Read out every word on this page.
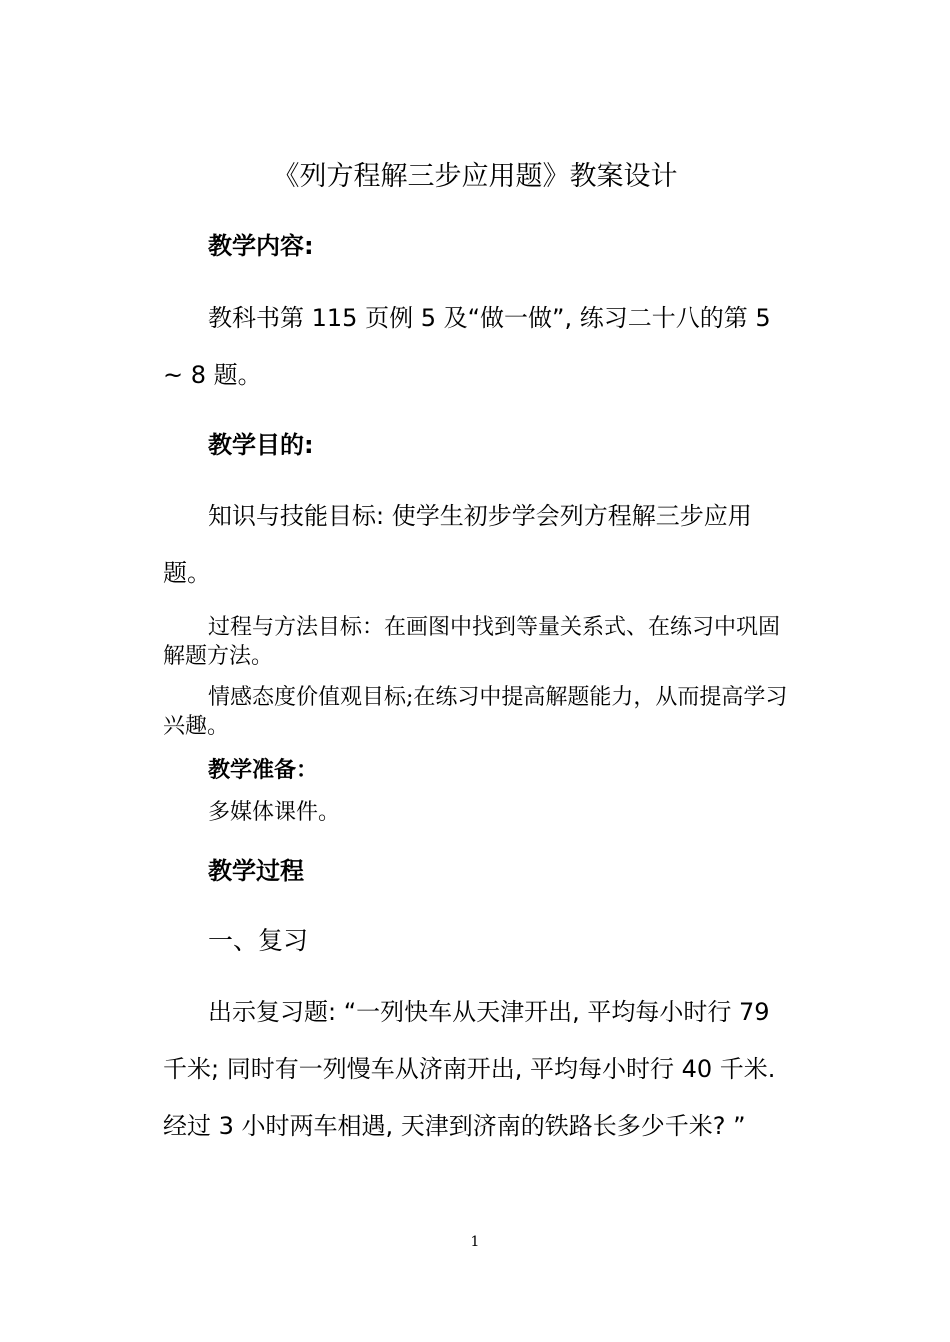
《列方程解三步应用题》教案设计

教学内容:

教科书第 115 页例 5 及“做一做”, 练习二十八的第 5 ~ 8 题。

教学目的:

知识与技能目标: 使学生初步学会列方程解三步应用题。

过程与方法目标：在画图中找到等量关系式、在练习中巩固解题方法。

情感态度价值观目标;在练习中提高解题能力，从而提高学习兴趣。

教学准备：

多媒体课件。

教学过程

一、复习

出示复习题: “一列快车从天津开出, 平均每小时行 79 千米; 同时有一列慢车从济南开出, 平均每小时行 40 千米. 经过 3 小时两车相遇, 天津到济南的铁路长多少千米? ”

1
